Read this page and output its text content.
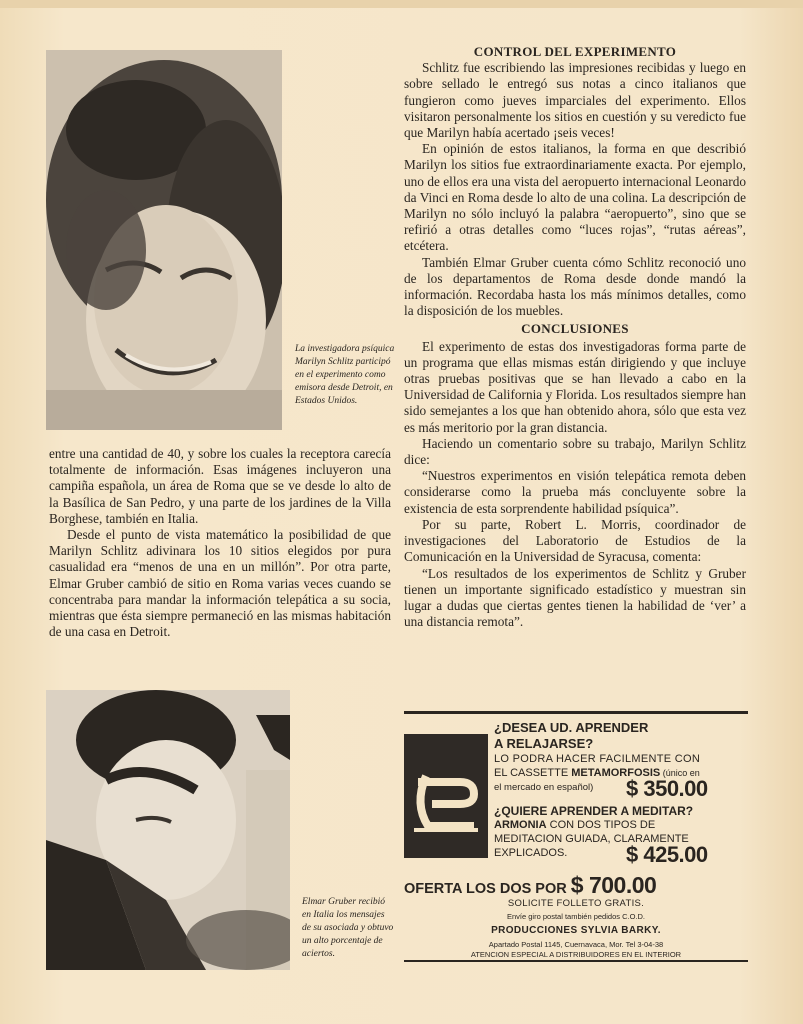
La investigadora psíquica Marilyn Schlitz participó en el experimento como emisora desde Detroit, en Estados Unidos.

entre una cantidad de 40, y sobre los cuales la receptora carecía totalmente de información. Esas imágenes incluyeron una campiña española, un área de Roma que se ve desde lo alto de la Basílica de San Pedro, y una parte de los jardines de la Villa Borghese, también en Italia.

Desde el punto de vista matemático la posibilidad de que Marilyn Schlitz adivinara los 10 sitios elegidos por pura casualidad era “menos de una en un millón”. Por otra parte, Elmar Gruber cambió de sitio en Roma varias veces cuando se concentraba para mandar la información telepática a su socia, mientras que ésta siempre permaneció en las mismas habitación de una casa en Detroit.

Elmar Gruber recibió en Italia los mensajes de su asociada y obtuvo un alto porcentaje de aciertos.

CONTROL DEL EXPERIMENTO

Schlitz fue escribiendo las impresiones recibidas y luego en sobre sellado le entregó sus notas a cinco italianos que fungieron como jueves imparciales del experimento. Ellos visitaron personalmente los sitios en cuestión y su veredicto fue que Marilyn había acertado ¡seis veces!

En opinión de estos italianos, la forma en que describió Marilyn los sitios fue extraordinariamente exacta. Por ejemplo, uno de ellos era una vista del aeropuerto internacional Leonardo da Vinci en Roma desde lo alto de una colina. La descripción de Marilyn no sólo incluyó la palabra “aeropuerto”, sino que se refirió a otras detalles como “luces rojas”, “rutas aéreas”, etcétera.

También Elmar Gruber cuenta cómo Schlitz reconoció uno de los departamentos de Roma desde donde mandó la información. Recordaba hasta los más mínimos detalles, como la disposición de los muebles.

CONCLUSIONES

El experimento de estas dos investigadoras forma parte de un programa que ellas mismas están dirigiendo y que incluye otras pruebas positivas que se han llevado a cabo en la Universidad de California y Florida. Los resultados siempre han sido semejantes a los que han obtenido ahora, sólo que esta vez es más meritorio por la gran distancia.

Haciendo un comentario sobre su trabajo, Marilyn Schlitz dice:

“Nuestros experimentos en visión telepática remota deben considerarse como la prueba más concluyente sobre la existencia de esta sorprendente habilidad psíquica”.

Por su parte, Robert L. Morris, coordinador de investigaciones del Laboratorio de Estudios de la Comunicación en la Universidad de Syracusa, comenta:

“Los resultados de los experimentos de Schlitz y Gruber tienen un importante significado estadístico y muestran sin lugar a dudas que ciertas gentes tienen la habilidad de ‘ver’ a una distancia remota”.

¿DESEA UD. APRENDER
A RELAJARSE?
LO PODRA HACER FACILMENTE CON
EL CASSETTE METAMORFOSIS (único en
el mercado en español) $ 350.00
¿QUIERE APRENDER A MEDITAR?
ARMONIA CON DOS TIPOS DE
MEDITACION GUIADA, CLARAMENTE
EXPLICADOS.	$ 425.00
OFERTA LOS DOS POR $ 700.00
SOLICITE FOLLETO GRATIS.
Envíe giro postal también pedidos C.O.D.
PRODUCCIONES SYLVIA BARKY.
Apartado Postal 1145, Cuernavaca, Mor. Tel 3-04-38
ATENCION ESPECIAL A DISTRIBUIDORES EN EL INTERIOR
